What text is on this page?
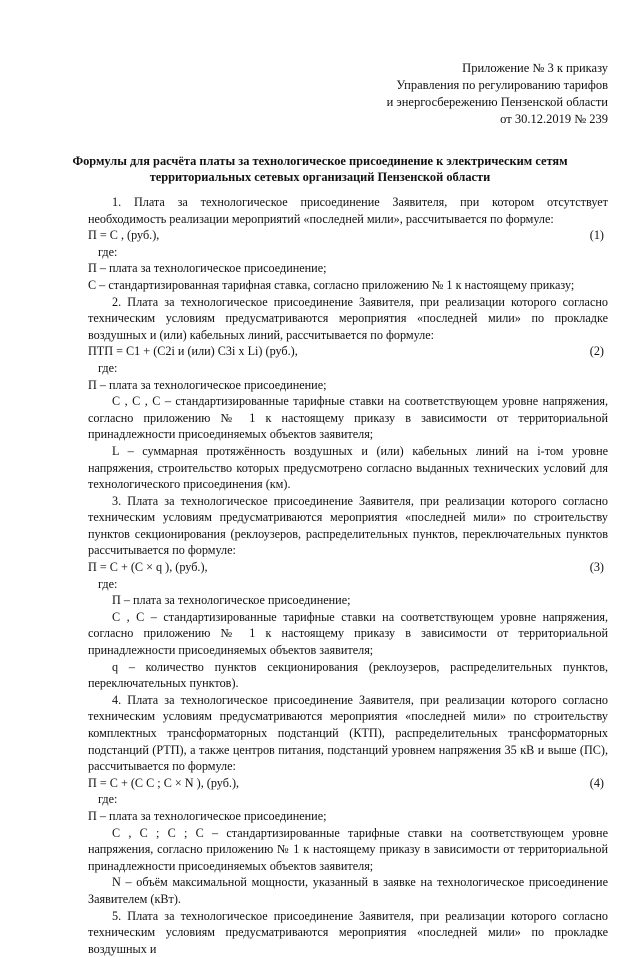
Приложение № 3 к приказу
Управления по регулированию тарифов
и энергосбережению Пензенской области
от 30.12.2019 № 239
Формулы для расчёта платы за технологическое присоединение к электрическим сетям
территориальных сетевых организаций Пензенской области

1. Плата за технологическое присоединение Заявителя, при котором отсутствует необходимость реализации мероприятий «последней мили», рассчитывается по формуле:

П = С , (руб.),	(1)

где:

П – плата за технологическое присоединение;

С – стандартизированная тарифная ставка, согласно приложению № 1 к настоящему приказу;

2. Плата за технологическое присоединение Заявителя, при реализации которого согласно техническим условиям предусматриваются мероприятия «последней мили» по прокладке воздушных и (или) кабельных линий, рассчитывается по формуле:

ПТП = С1 + (С2i и (или) С3i x Li) (руб.),	(2)

где:

П – плата за технологическое присоединение;

С , С , С – стандартизированные тарифные ставки на соответствующем уровне напряжения, согласно приложению № 1 к настоящему приказу в зависимости от территориальной принадлежности присоединяемых объектов заявителя;

L – суммарная протяжённость воздушных и (или) кабельных линий на i-том уровне напряжения, строительство которых предусмотрено согласно выданных технических условий для технологического присоединения (км).

3. Плата за технологическое присоединение Заявителя, при реализации которого согласно техническим условиям предусматриваются мероприятия «последней мили» по строительству пунктов секционирования (реклоузеров, распределительных пунктов, переключательных пунктов рассчитывается по формуле:

П = С + (С × q ), (руб.),	(3)

где:

П – плата за технологическое присоединение;

С , С – стандартизированные тарифные ставки на соответствующем уровне напряжения, согласно приложению № 1 к настоящему приказу в зависимости от территориальной принадлежности присоединяемых объектов заявителя;

q – количество пунктов секционирования (реклоузеров, распределительных пунктов, переключательных пунктов).

4. Плата за технологическое присоединение Заявителя, при реализации которого согласно техническим условиям предусматриваются мероприятия «последней мили» по строительству комплектных трансформаторных подстанций (КТП), распределительных трансформаторных подстанций (РТП), а также центров питания, подстанций уровнем напряжения 35 кВ и выше (ПС), рассчитывается по формуле:

П = С + (С С ; С × N ), (руб.),	(4)

где:

П – плата за технологическое присоединение;

С , С ; С ; С – стандартизированные тарифные ставки на соответствующем уровне напряжения, согласно приложению № 1 к настоящему приказу в зависимости от территориальной принадлежности присоединяемых объектов заявителя;

N – объём максимальной мощности, указанный в заявке на технологическое присоединение Заявителем (кВт).

5. Плата за технологическое присоединение Заявителя, при реализации которого согласно техническим условиям предусматриваются мероприятия «последней мили» по прокладке воздушных и
